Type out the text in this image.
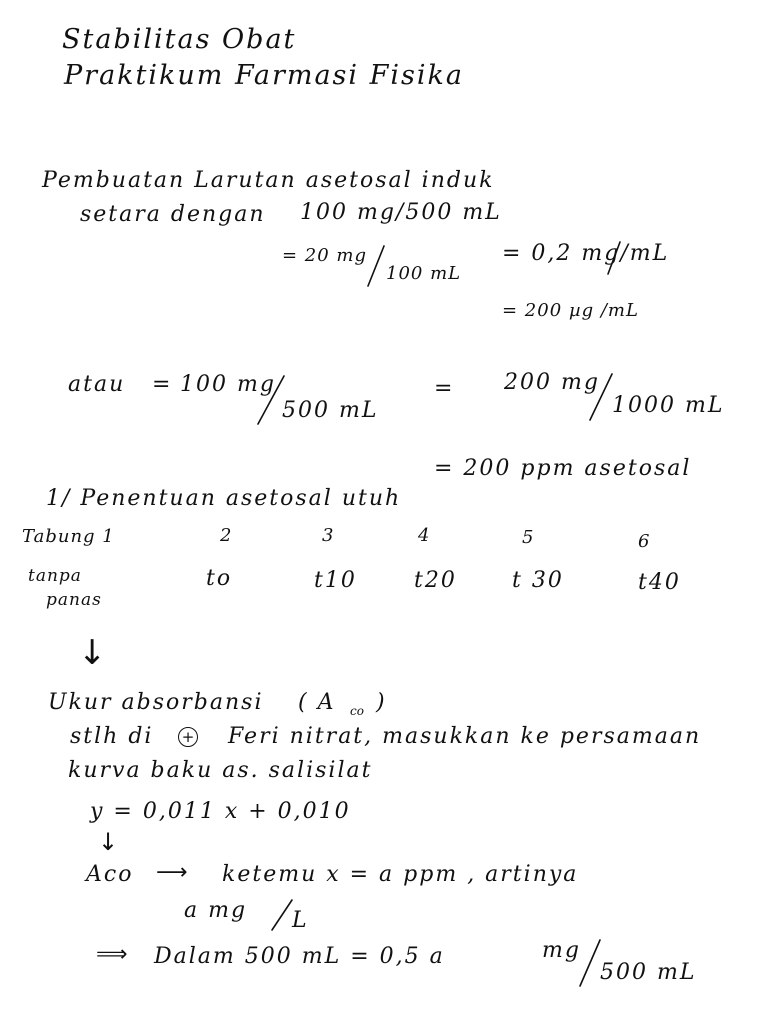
Stabilitas Obat
Praktikum Farmasi Fisika
Pembuatan Larutan asetosal induk
setara dengan 100 mg/500 mL
= 20 mg
100 mL
= 0,2 mg/mL
= 200 µg /mL
atau = 100 mg
500 mL
= 200 mg
1000 mL
= 200 ppm asetosal
1/ Penentuan asetosal utuh
Tabung 1	2	3	4	5	6
tanpa
panas
to	t10	t20	t 30	t40
↓
Ukur absorbansi ( A co )
stlh di + Feri nitrat, masukkan ke persamaan
kurva baku as. salisilat
y = 0,011 x + 0,010
↓
Aco ⟶ ketemu x = a ppm , artinya
a mg L
⟹ Dalam 500 mL = 0,5 a	mg
500 mL
